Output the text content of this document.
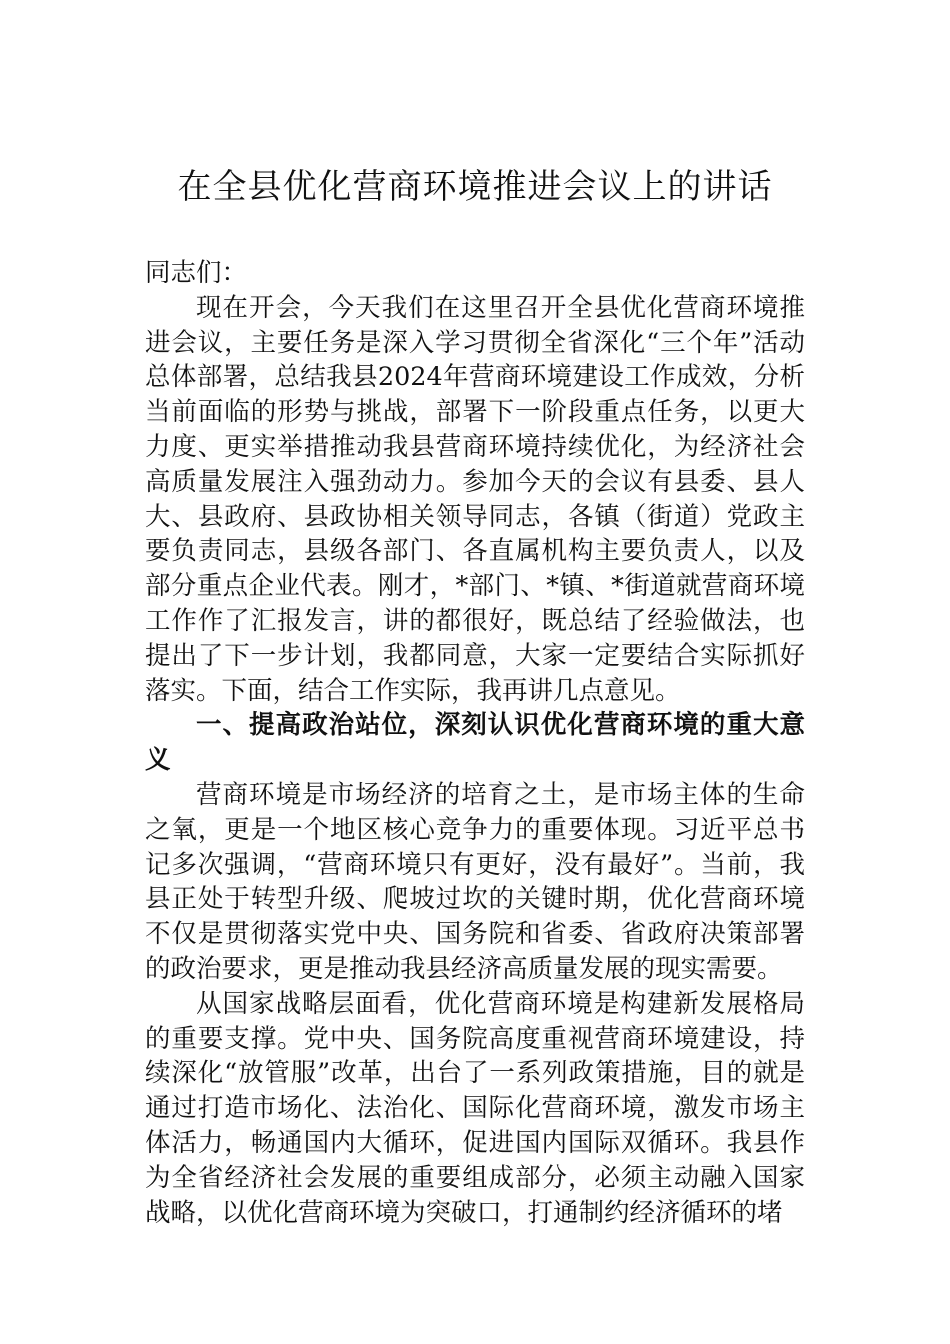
在全县优化营商环境推进会议上的讲话

同志们：

现在开会，今天我们在这里召开全县优化营商环境推进会议，主要任务是深入学习贯彻全省深化“三个年”活动总体部署，总结我县2024年营商环境建设工作成效，分析当前面临的形势与挑战，部署下一阶段重点任务，以更大力度、更实举措推动我县营商环境持续优化，为经济社会高质量发展注入强劲动力。参加今天的会议有县委、县人大、县政府、县政协相关领导同志，各镇（街道）党政主要负责同志，县级各部门、各直属机构主要负责人，以及部分重点企业代表。刚才，*部门、*镇、*街道就营商环境工作作了汇报发言，讲的都很好，既总结了经验做法，也提出了下一步计划，我都同意，大家一定要结合实际抓好落实。下面，结合工作实际，我再讲几点意见。

一、提高政治站位，深刻认识优化营商环境的重大意义

营商环境是市场经济的培育之土，是市场主体的生命之氧，更是一个地区核心竞争力的重要体现。习近平总书记多次强调，“营商环境只有更好，没有最好”。当前，我县正处于转型升级、爬坡过坎的关键时期，优化营商环境不仅是贯彻落实党中央、国务院和省委、省政府决策部署的政治要求，更是推动我县经济高质量发展的现实需要。

从国家战略层面看，优化营商环境是构建新发展格局的重要支撑。党中央、国务院高度重视营商环境建设，持续深化“放管服”改革，出台了一系列政策措施，目的就是通过打造市场化、法治化、国际化营商环境，激发市场主体活力，畅通国内大循环，促进国内国际双循环。我县作为全省经济社会发展的重要组成部分，必须主动融入国家战略，以优化营商环境为突破口，打通制约经济循环的堵
